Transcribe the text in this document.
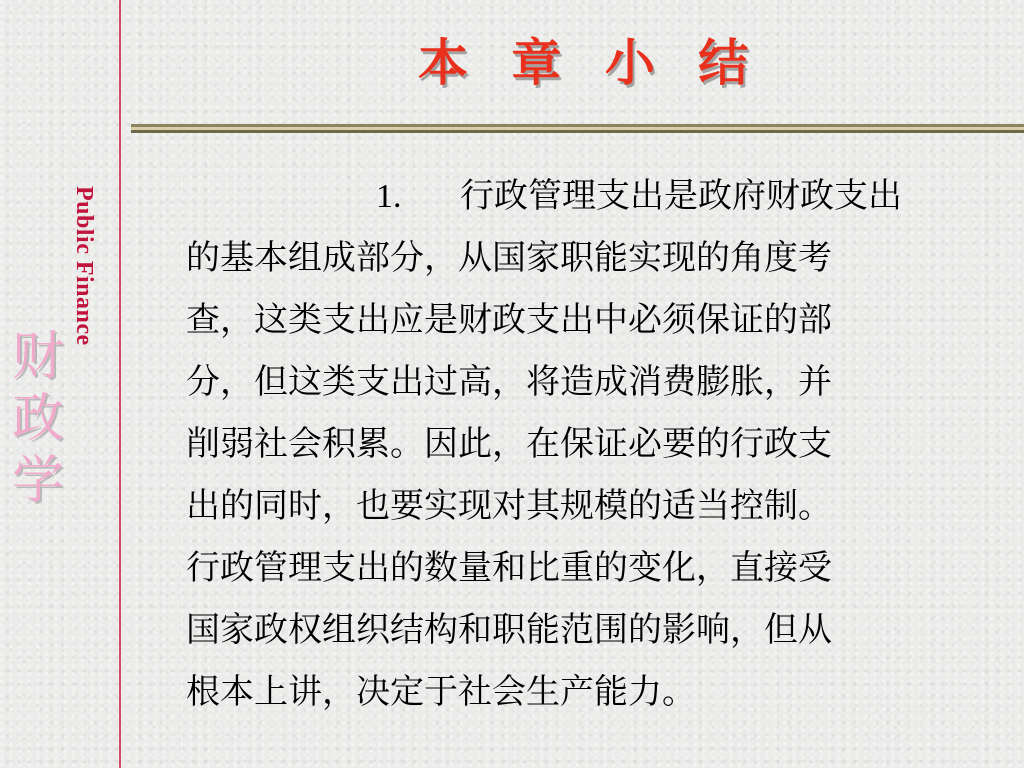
Public Finance
财
政
学
本 章 小 结
1. 行政管理支出是政府财政支出
的基本组成部分，从国家职能实现的角度考
查，这类支出应是财政支出中必须保证的部
分，但这类支出过高，将造成消费膨胀，并
削弱社会积累。因此，在保证必要的行政支
出的同时，也要实现对其规模的适当控制。
行政管理支出的数量和比重的变化，直接受
国家政权组织结构和职能范围的影响，但从
根本上讲，决定于社会生产能力。
